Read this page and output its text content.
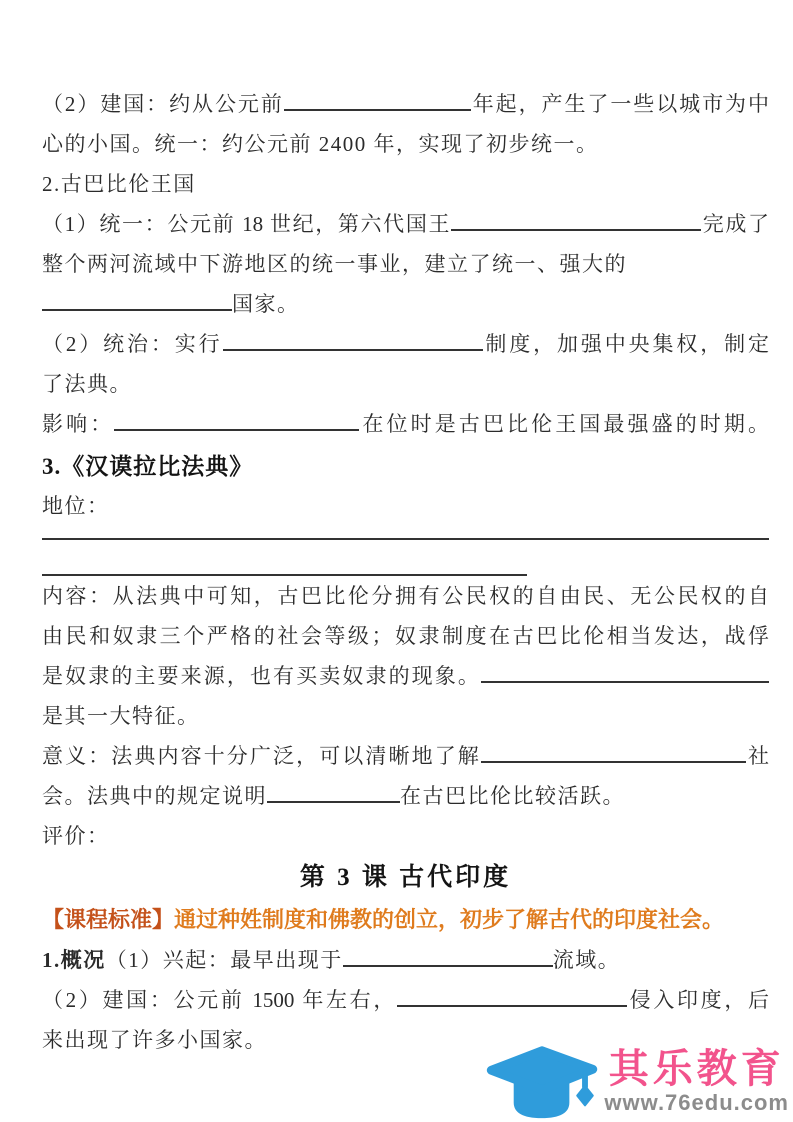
（2）建国：约从公元前	年起，产生了一些以城市为中
心的小国。统一：约公元前 2400 年，实现了初步统一。
2.古巴比伦王国
（1）统一：公元前 18 世纪，第六代国王	完成了
整个两河流域中下游地区的统一事业，建立了统一、强大的
国家。
（2）统治：实行	制度，加强中央集权，制定
了法典。
影响：	在位时是古巴比伦王国最强盛的时期。
3.《汉谟拉比法典》
地位：
内容：从法典中可知，古巴比伦分拥有公民权的自由民、无公民权的自
由民和奴隶三个严格的社会等级；奴隶制度在古巴比伦相当发达，战俘
是奴隶的主要来源，也有买卖奴隶的现象。
是其一大特征。
意义：法典内容十分广泛，可以清晰地了解	社
会。法典中的规定说明	在古巴比伦比较活跃。
评价：
第 3 课 古代印度
【课程标准】通过种姓制度和佛教的创立，初步了解古代的印度社会。
1.概况（1）兴起：最早出现于	流域。
（2）建国：公元前 1500 年左右，	侵入印度，后
来出现了许多小国家。
其乐教育
www.76edu.com
